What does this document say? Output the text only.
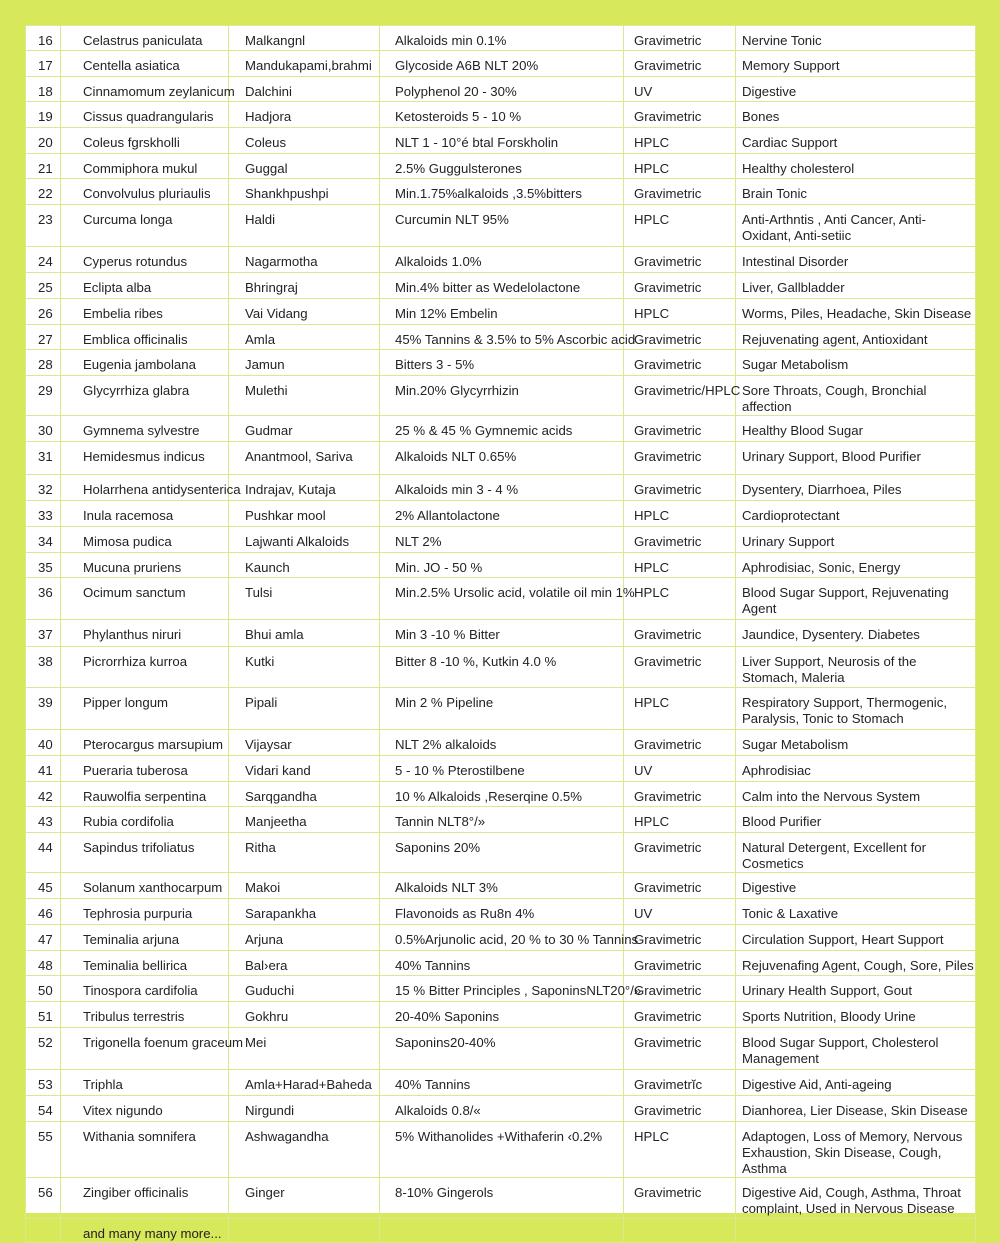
16	Celastrus paniculata	Malkangnl	Alkaloids min 0.1%	Gravimetric	Nervine Tonic
17	Centella asiatica	Mandukapami,brahmi	Glycoside A6B NLT 20%	Gravimetric	Memory Support
18	Cinnamomum zeylanicum	Dalchini	Polyphenol 20 - 30%	UV	Digestive
19	Cissus quadrangularis	Hadjora	Ketosteroids 5 - 10 %	Gravimetric	Bones
20	Coleus fgrskholli	Coleus	NLT 1 - 10°é btal Forskholin	HPLC	Cardiac Support
21	Commiphora mukul	Guggal	2.5% Guggulsterones	HPLC	Healthy cholesterol
22	Convolvulus pluriaulis	Shankhpushpi	Min.1.75%alkaloids ,3.5%bitters	Gravimetric	Brain Tonic
23	Curcuma longa	Haldi	Curcumin NLT 95%	HPLC	Anti-Arthntis , Anti Cancer, Anti- Oxidant, Anti-setiic
24	Cyperus rotundus	Nagarmotha	Alkaloids 1.0%	Gravimetric	Intestinal Disorder
25	Eclipta alba	Bhringraj	Min.4% bitter as Wedelolactone	Gravimetric	Liver, Gallbladder
26	Embelia ribes	Vai Vidang	Min 12% Embelin	HPLC	Worms, Piles, Headache, Skin Disease
27	Emblica officinalis	Amla	45% Tannins & 3.5% to 5% Ascorbic acid	Gravimetric	Rejuvenating agent, Antioxidant
28	Eugenia jambolana	Jamun	Bitters 3 - 5%	Gravimetric	Sugar Metabolism
29	Glycyrrhiza glabra	Mulethi	Min.20% Glycyrrhizin	Gravimetric/HPLC	Sore Throats, Cough, Bronchial affection
30	Gymnema sylvestre	Gudmar	25 % & 45 % Gymnemic acids	Gravimetric	Healthy Blood Sugar
31	Hemidesmus indicus	Anantmool, Sariva	Alkaloids NLT 0.65%	Gravimetric	Urinary Support, Blood Purifier
32	Holarrhena antidysenterica	Indrajav, Kutaja	Alkaloids min 3 - 4 %	Gravimetric	Dysentery, Diarrhoea, Piles
33	Inula racemosa	Pushkar mool	2% Allantolactone	HPLC	Cardioprotectant
34	Mimosa pudica	Lajwanti Alkaloids	NLT 2%	Gravimetric	Urinary Support
35	Mucuna pruriens	Kaunch	Min. JO - 50 %	HPLC	Aphrodisiac, Sonic, Energy
36	Ocimum sanctum	Tulsi	Min.2.5% Ursolic acid, volatile oil min 1%	HPLC	Blood Sugar Support, Rejuvenating Agent
37	Phylanthus niruri	Bhui amla	Min 3 -10 % Bitter	Gravimetric	Jaundice, Dysentery. Diabetes
38	Picrorrhiza kurroa	Kutki	Bitter 8 -10 %, Kutkin 4.0 %	Gravimetric	Liver Support, Neurosis of the Stomach, Maleria
39	Pipper longum	Pipali	Min 2 % Pipeline	HPLC	Respiratory Support, Thermogenic, Paralysis, Tonic to Stomach
40	Pterocargus marsupium	Vijaysar	NLT 2% alkaloids	Gravimetric	Sugar Metabolism
41	Pueraria tuberosa	Vidari kand	5 - 10 % Pterostilbene	UV	Aphrodisiac
42	Rauwolfia serpentina	Sarqgandha	10 % Alkaloids ,Reserqine 0.5%	Gravimetric	Calm into the Nervous System
43	Rubia cordifolia	Manjeetha	Tannin NLT8°/»	HPLC	Blood Purifier
44	Sapindus trifoliatus	Ritha	Saponins 20%	Gravimetric	Natural Detergent, Excellent for Cosmetics
45	Solanum xanthocarpum	Makoi	Alkaloids NLT 3%	Gravimetric	Digestive
46	Tephrosia purpuria	Sarapankha	Flavonoids as Ru8n 4%	UV	Tonic & Laxative
47	Teminalia arjuna	Arjuna	0.5%Arjunolic acid, 20 % to 30 % Tannins	Gravimetric	Circulation Support, Heart Support
48	Teminalia bellirica	Bal›era	40% Tannins	Gravimetric	Rejuvenafing Agent, Cough, Sore, Piles
50	Tinospora cardifolia	Guduchi	15 % Bitter Principles , SaponinsNLT20°/»	Gravimetric	Urinary Health Support, Gout
51	Tribulus terrestris	Gokhru	20-40% Saponins	Gravimetric	Sports Nutrition, Bloody Urine
52	Trigonella foenum graceum	Mei	Saponins20-40%	Gravimetric	Blood Sugar Support, Cholesterol Management
53	Triphla	Amla+Harad+Baheda	40% Tannins	Gravimetrĭc	Digestive Aid, Anti-ageing
54	Vitex nigundo	Nirgundi	Alkaloids 0.8/«	Gravimetric	Dianhorea, Lier Disease, Skin Disease
55	Withania somnifera	Ashwagandha	5% Withanolides +Withaferin ‹0.2%	HPLC	Adaptogen, Loss of Memory, Nervous Exhaustion, Skin Disease, Cough, Asthma
56	Zingiber officinalis	Ginger	8-10% Gingerols	Gravimetric	Digestive Aid, Cough, Asthma, Throat complaint, Used in Nervous Disease
	and many many more...				
